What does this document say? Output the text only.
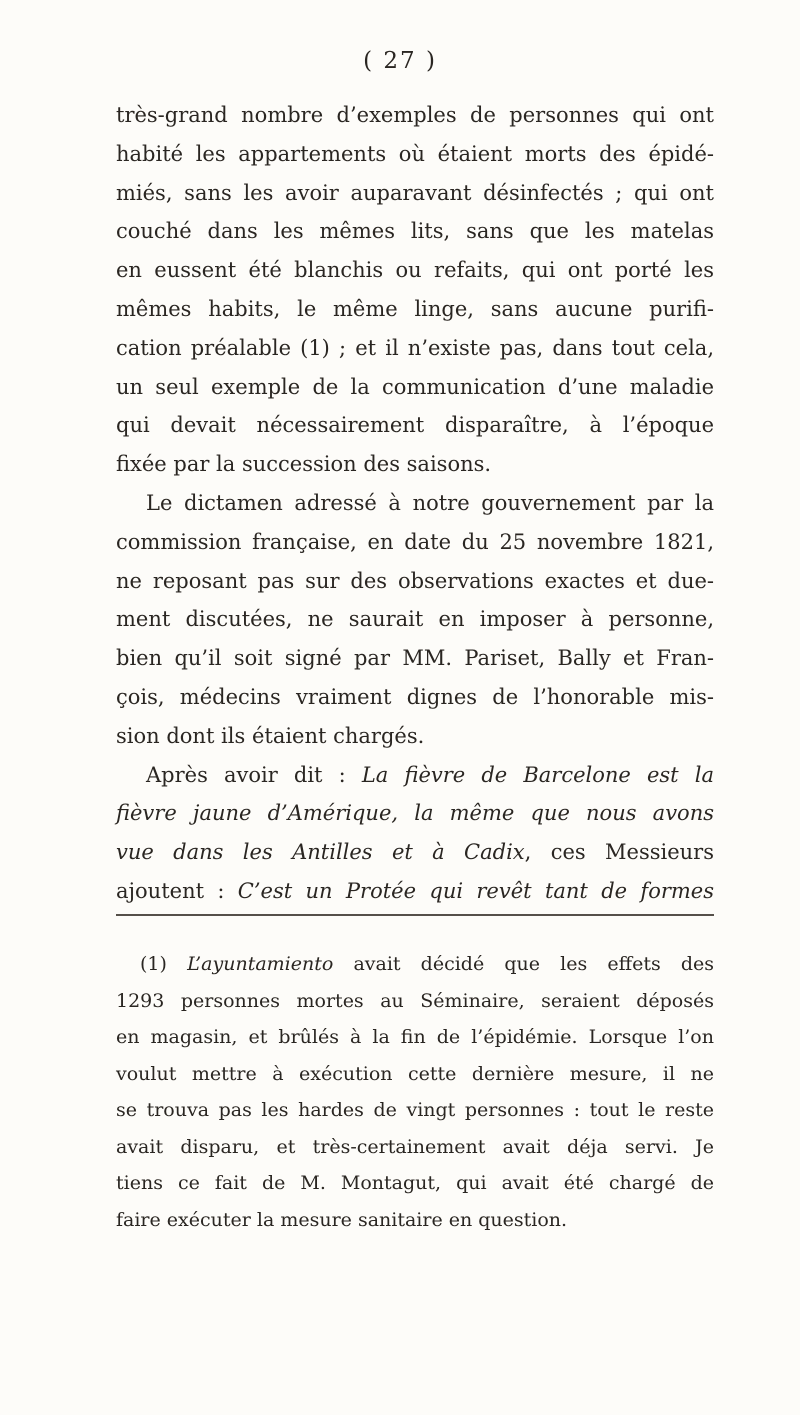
( 27 )
très-grand nombre d’exemples de personnes qui ont
habité les appartements où étaient morts des épidé-
miés, sans les avoir auparavant désinfectés ; qui ont
couché dans les mêmes lits, sans que les matelas
en eussent été blanchis ou refaits, qui ont porté les
mêmes habits, le même linge, sans aucune purifi-
cation préalable (1) ; et il n’existe pas, dans tout cela,
un seul exemple de la communication d’une maladie
qui devait nécessairement disparaître, à l’époque
fixée par la succession des saisons.
Le dictamen adressé à notre gouvernement par la
commission française, en date du 25 novembre 1821,
ne reposant pas sur des observations exactes et due-
ment discutées, ne saurait en imposer à personne,
bien qu’il soit signé par MM. Pariset, Bally et Fran-
çois, médecins vraiment dignes de l’honorable mis-
sion dont ils étaient chargés.
Après avoir dit : La fièvre de Barcelone est la
fièvre jaune d’Amérique, la même que nous avons
vue dans les Antilles et à Cadix, ces Messieurs
ajoutent : C’est un Protée qui revêt tant de formes
(1) L’ayuntamiento avait décidé que les effets des
1293 personnes mortes au Séminaire, seraient déposés
en magasin, et brûlés à la fin de l’épidémie. Lorsque l’on
voulut mettre à exécution cette dernière mesure, il ne
se trouva pas les hardes de vingt personnes : tout le reste
avait disparu, et très-certainement avait déja servi. Je
tiens ce fait de M. Montagut, qui avait été chargé de
faire exécuter la mesure sanitaire en question.
